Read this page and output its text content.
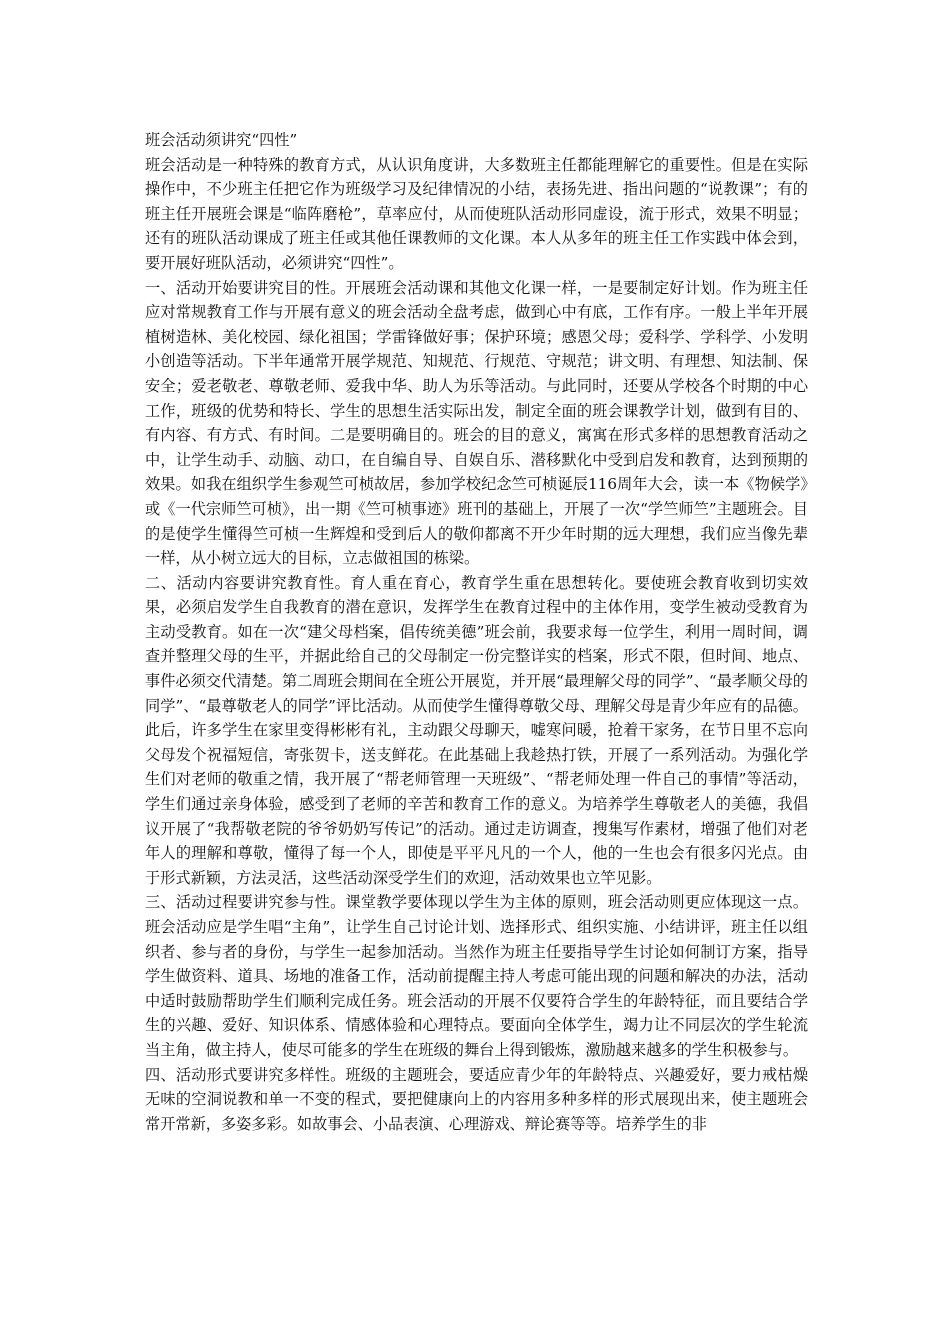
班会活动须讲究“四性”

班会活动是一种特殊的教育方式，从认识角度讲，大多数班主任都能理解它的重要性。但是在实际操作中，不少班主任把它作为班级学习及纪律情况的小结，表扬先进、指出问题的“说教课”；有的班主任开展班会课是“临阵磨枪”，草率应付，从而使班队活动形同虚设，流于形式，效果不明显；还有的班队活动课成了班主任或其他任课教师的文化课。本人从多年的班主任工作实践中体会到，要开展好班队活动，必须讲究“四性”。

一、活动开始要讲究目的性。开展班会活动课和其他文化课一样，一是要制定好计划。作为班主任应对常规教育工作与开展有意义的班会活动全盘考虑，做到心中有底，工作有序。一般上半年开展植树造林、美化校园、绿化祖国；学雷锋做好事；保护环境；感恩父母；爱科学、学科学、小发明小创造等活动。下半年通常开展学规范、知规范、行规范、守规范；讲文明、有理想、知法制、保安全；爱老敬老、尊敬老师、爱我中华、助人为乐等活动。与此同时，还要从学校各个时期的中心工作，班级的优势和特长、学生的思想生活实际出发，制定全面的班会课教学计划，做到有目的、有内容、有方式、有时间。二是要明确目的。班会的目的意义，寓寓在形式多样的思想教育活动之中，让学生动手、动脑、动口，在自编自导、自娱自乐、潜移默化中受到启发和教育，达到预期的效果。如我在组织学生参观竺可桢故居，参加学校纪念竺可桢诞辰116周年大会，读一本《物候学》或《一代宗师竺可桢》，出一期《竺可桢事迹》班刊的基础上，开展了一次“学竺师竺”主题班会。目的是使学生懂得竺可桢一生辉煌和受到后人的敬仰都离不开少年时期的远大理想，我们应当像先辈一样，从小树立远大的目标，立志做祖国的栋梁。

二、活动内容要讲究教育性。育人重在育心，教育学生重在思想转化。要使班会教育收到切实效果，必须启发学生自我教育的潜在意识，发挥学生在教育过程中的主体作用，变学生被动受教育为主动受教育。如在一次“建父母档案，倡传统美德”班会前，我要求每一位学生，利用一周时间，调查并整理父母的生平，并据此给自己的父母制定一份完整详实的档案，形式不限，但时间、地点、事件必须交代清楚。第二周班会期间在全班公开展览，并开展“最理解父母的同学”、“最孝顺父母的同学”、“最尊敬老人的同学”评比活动。从而使学生懂得尊敬父母、理解父母是青少年应有的品德。此后，许多学生在家里变得彬彬有礼，主动跟父母聊天，嘘寒问暖，抢着干家务，在节日里不忘向父母发个祝福短信，寄张贺卡，送支鲜花。在此基础上我趁热打铁，开展了一系列活动。为强化学生们对老师的敬重之情，我开展了“帮老师管理一天班级”、“帮老师处理一件自己的事情”等活动，学生们通过亲身体验，感受到了老师的辛苦和教育工作的意义。为培养学生尊敬老人的美德，我倡议开展了“我帮敬老院的爷爷奶奶写传记”的活动。通过走访调查，搜集写作素材，增强了他们对老年人的理解和尊敬，懂得了每一个人，即使是平平凡凡的一个人，他的一生也会有很多闪光点。由于形式新颖，方法灵活，这些活动深受学生们的欢迎，活动效果也立竿见影。

三、活动过程要讲究参与性。课堂教学要体现以学生为主体的原则，班会活动则更应体现这一点。班会活动应是学生唱“主角”，让学生自己讨论计划、选择形式、组织实施、小结讲评，班主任以组织者、参与者的身份，与学生一起参加活动。当然作为班主任要指导学生讨论如何制订方案，指导学生做资料、道具、场地的准备工作，活动前提醒主持人考虑可能出现的问题和解决的办法，活动中适时鼓励帮助学生们顺利完成任务。班会活动的开展不仅要符合学生的年龄特征，而且要结合学生的兴趣、爱好、知识体系、情感体验和心理特点。要面向全体学生，竭力让不同层次的学生轮流当主角，做主持人，使尽可能多的学生在班级的舞台上得到锻炼，激励越来越多的学生积极参与。

四、活动形式要讲究多样性。班级的主题班会，要适应青少年的年龄特点、兴趣爱好，要力戒枯燥无味的空洞说教和单一不变的程式，要把健康向上的内容用多种多样的形式展现出来，使主题班会常开常新，多姿多彩。如故事会、小品表演、心理游戏、辩论赛等等。培养学生的非
